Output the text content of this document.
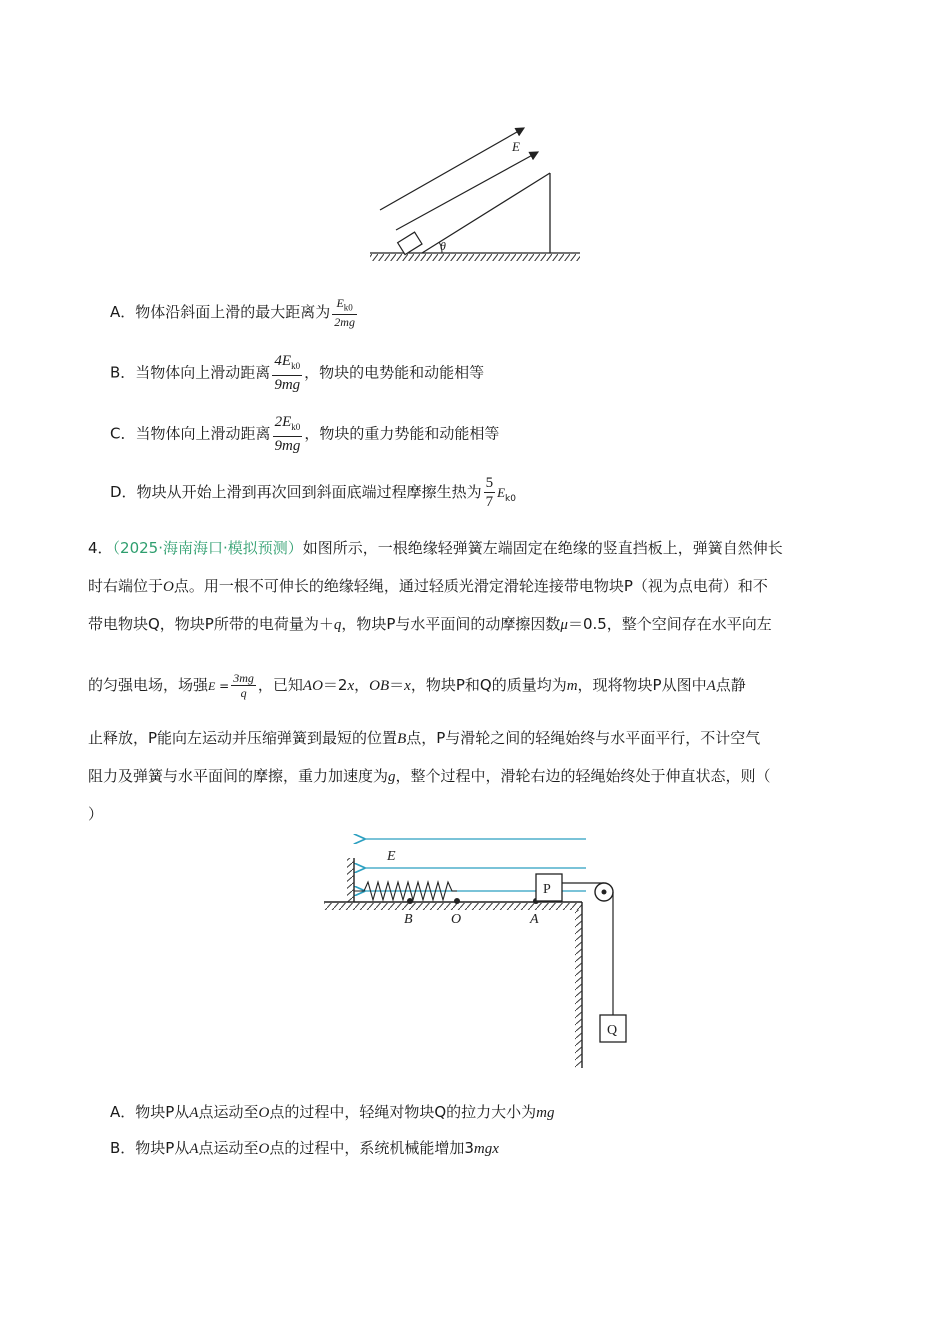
E
θ
A．物体沿斜面上滑的最大距离为 $\frac{E_{k0}}{2mg}$
B．当物体向上滑动距离 $\frac{4E_{k0}}{9mg}$ ，物块的电势能和动能相等
C．当物体向上滑动距离 $\frac{2E_{k0}}{9mg}$ ，物块的重力势能和动能相等
D．物块从开始上滑到再次回到斜面底端过程摩擦生热为 $\frac{5}{7} E_{k0}$
4．（2025·海南海口·模拟预测）如图所示，一根绝缘轻弹簧左端固定在绝缘的竖直挡板上，弹簧自然伸长
时右端位于O点。用一根不可伸长的绝缘轻绳，通过轻质光滑定滑轮连接带电物块P（视为点电荷）和不
带电物块Q，物块P所带的电荷量为＋q，物块P与水平面间的动摩擦因数μ＝0.5，整个空间存在水平向左
的匀强电场，场强$E = \frac{3mg}{q}$ ，已知AO＝2x，OB＝x，物块P和Q的质量均为m，现将物块P从图中A点静
止释放，P能向左运动并压缩弹簧到最短的位置B点，P与滑轮之间的轻绳始终与水平面平行，不计空气
阻力及弹簧与水平面间的摩擦，重力加速度为g，整个过程中，滑轮右边的轻绳始终处于伸直状态，则（
）
E
B	O	A
P
Q
A．物块P从A点运动至O点的过程中，轻绳对物块Q的拉力大小为mg
B．物块P从A点运动至O点的过程中，系统机械能增加3mgx
